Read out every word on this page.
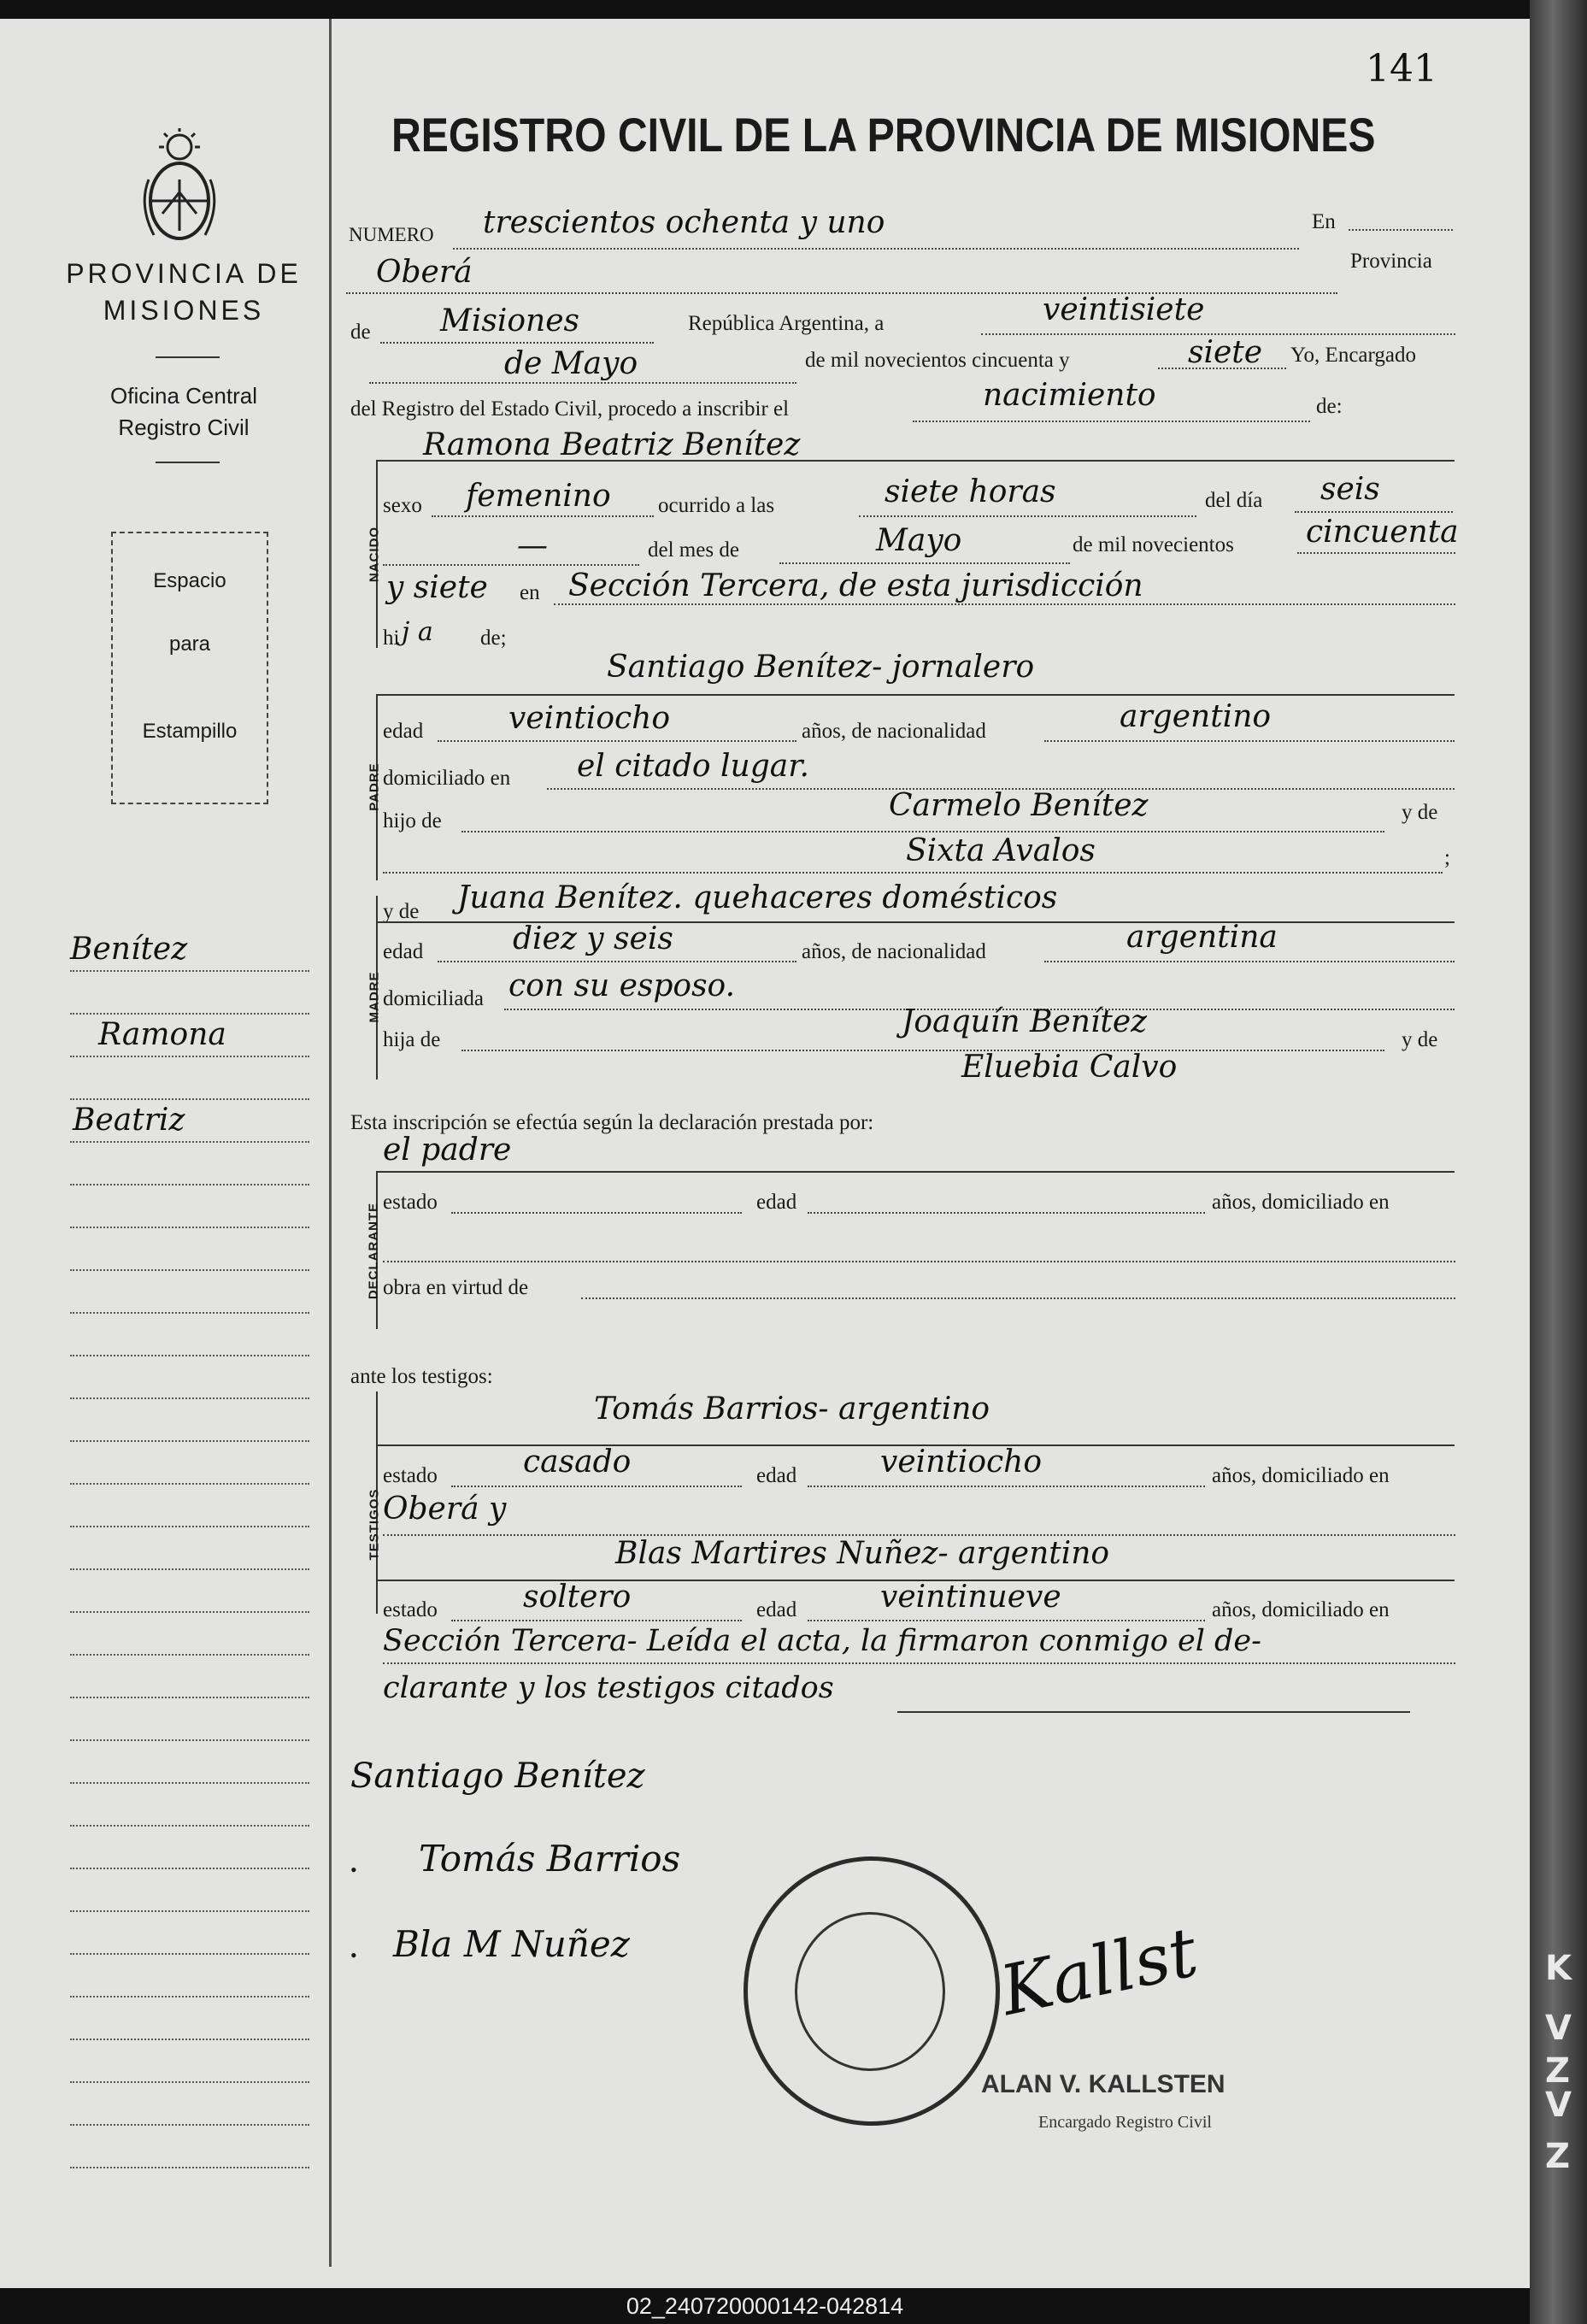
K
V
Z
V
Z
141
PROVINCIA DE
MISIONES
Oficina Central
Registro Civil
Espacio
para
Estampillo
Benítez
Ramona
Beatriz
REGISTRO CIVIL DE LA PROVINCIA DE MISIONES
NUMERO trescientos ochenta y uno	En
Oberá	Provincia
de Misiones	República Argentina, a	veintisiete
de Mayo	de mil novecientos cincuenta y	siete Yo, Encargado
del Registro del Estado Civil, procedo a inscribir el	nacimiento	de:
Ramona Beatriz Benítez
NACIDO
sexo femenino ocurrido a las	siete horas	del día seis
—	del mes de	Mayo	de mil novecientos cincuenta
y siete en Sección Tercera, de esta jurisdicción
hi j a de;
Santiago Benítez- jornalero
PADRE
edad	veintiocho	años, de nacionalidad	argentino
domiciliado en el citado lugar.
hijo de	Carmelo Benítez	y de
Sixta Avalos	;
y de Juana Benítez. quehaceres domésticos
MADRE
edad	diez y seis	años, de nacionalidad	argentina
domiciliada con su esposo.
hija de
Joaquín Benítez
y de
Eluebia Calvo
Esta inscripción se efectúa según la declaración prestada por:
el padre
DECLARANTE
estado	edad	años, domiciliado en
obra en virtud de
ante los testigos:
Tomás Barrios- argentino
TESTIGOS
estado	casado	edad	veintiocho	años, domiciliado en
Oberá y
Blas Martires Nuñez- argentino
estado	soltero	edad	veintinueve	años, domiciliado en
Sección Tercera- Leída el acta, la firmaron conmigo el de-
clarante y los testigos citados
Santiago Benítez
Tomás Barrios
Bla M Nuñez
•
•	Kallst
ALAN V. KALLSTEN
Encargado Registro Civil
02_240720000142-042814
